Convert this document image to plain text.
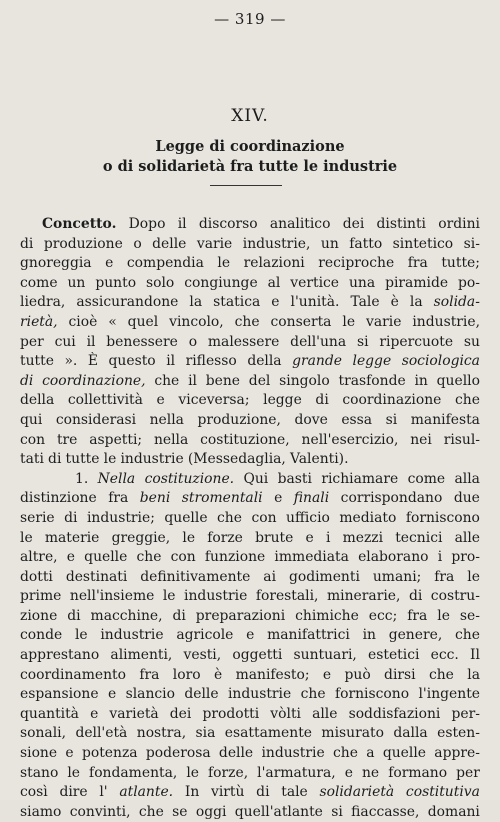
— 319 —
XIV.
Legge di coordinazione
o di solidarietà fra tutte le industrie
Concetto. Dopo il discorso analitico dei distinti ordini
di produzione o delle varie industrie, un fatto sintetico si-
gnoreggia e compendia le relazioni reciproche fra tutte;
come un punto solo congiunge al vertice una piramide po-
liedra, assicurandone la statica e l'unità. Tale è la solida-
rietà, cioè « quel vincolo, che conserta le varie industrie,
per cui il benessere o malessere dell'una si ripercuote su
tutte ». È questo il riflesso della grande legge sociologica
di coordinazione, che il bene del singolo trasfonde in quello
della collettività e viceversa; legge di coordinazione che
qui considerasi nella produzione, dove essa si manifesta
con tre aspetti; nella costituzione, nell'esercizio, nei risul-
tati di tutte le industrie (Messedaglia, Valenti).
1. Nella costituzione. Qui basti richiamare come alla
distinzione fra beni stromentali e finali corrispondano due
serie di industrie; quelle che con ufficio mediato forniscono
le materie greggie, le forze brute e i mezzi tecnici alle
altre, e quelle che con funzione immediata elaborano i pro-
dotti destinati definitivamente ai godimenti umani; fra le
prime nell'insieme le industrie forestali, minerarie, di costru-
zione di macchine, di preparazioni chimiche ecc; fra le se-
conde le industrie agricole e manifattrici in genere, che
apprestano alimenti, vesti, oggetti suntuari, estetici ecc. Il
coordinamento fra loro è manifesto; e può dirsi che la
espansione e slancio delle industrie che forniscono l'ingente
quantità e varietà dei prodotti vòlti alle soddisfazioni per-
sonali, dell'età nostra, sia esattamente misurato dalla esten-
sione e potenza poderosa delle industrie che a quelle appre-
stano le fondamenta, le forze, l'armatura, e ne formano per
così dire l' atlante. In virtù di tale solidarietà costitutiva
siamo convinti, che se oggi quell'atlante si fiaccasse, domani
